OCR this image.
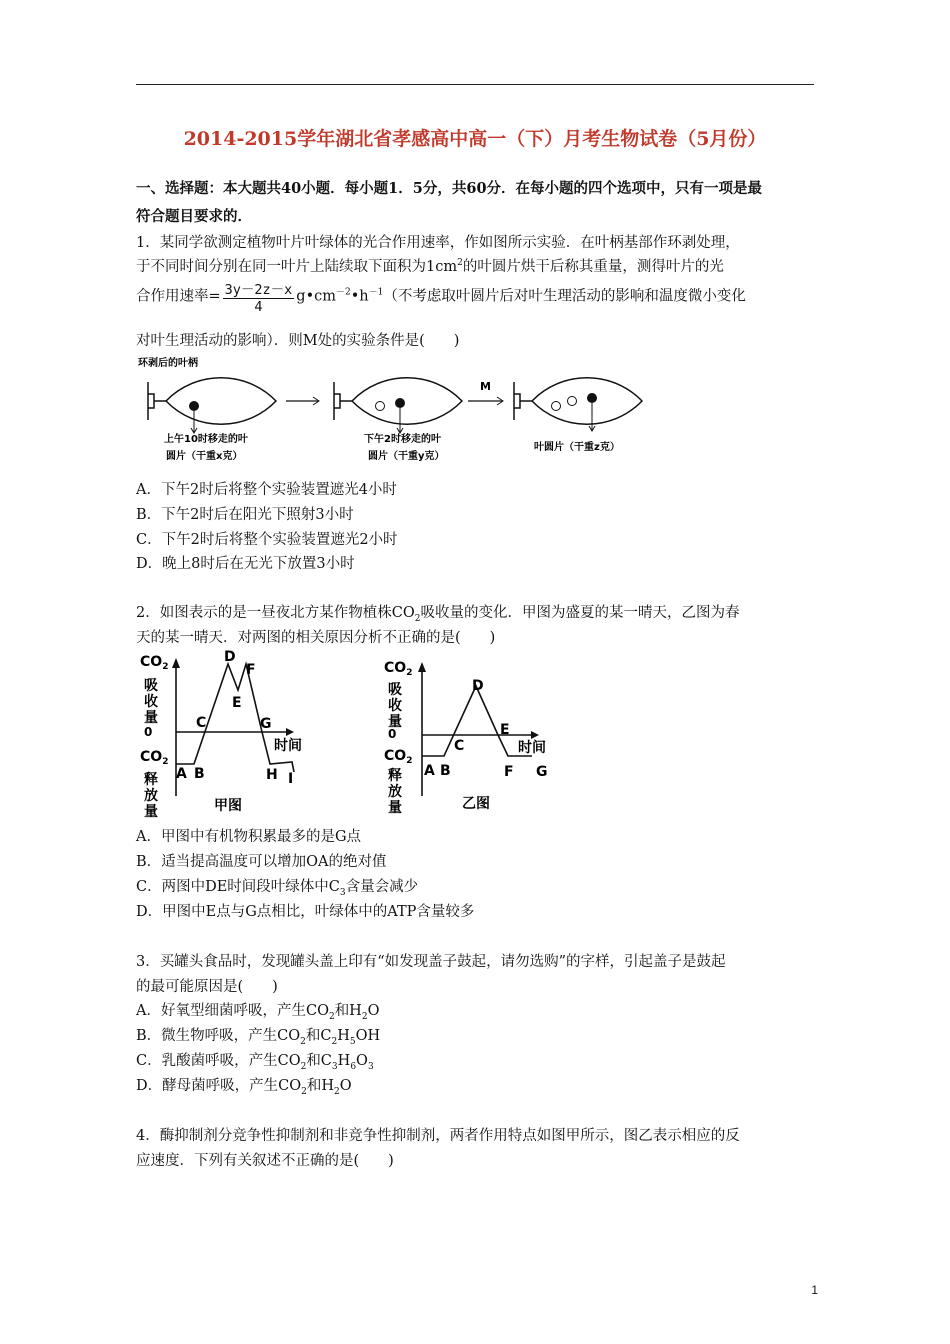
2014-2015学年湖北省孝感高中高一（下）月考生物试卷（5月份）
一、选择题：本大题共40小题．每小题1．5分，共60分．在每小题的四个选项中，只有一项是最
符合题目要求的．
1．某同学欲测定植物叶片叶绿体的光合作用速率，作如图所示实验．在叶柄基部作环剥处理，
于不同时间分别在同一叶片上陆续取下面积为$1cm^2$的叶圆片烘干后称其重量，测得叶片的光
合作用速率= $\frac{3y-2z-x}{4}$ $g•cm^{-2}•h^{-1}$（不考虑取叶圆片后对叶生理活动的影响和温度微小变化
对叶生理活动的影响）．则M处的实验条件是(　　)
环剥后的叶柄
上午10时移走的叶
圆片（干重x克）
下午2时移走的叶
圆片（干重y克）
M
叶圆片（干重z克）
A．下午2时后将整个实验装置遮光4小时
B．下午2时后在阳光下照射3小时
C．下午2时后将整个实验装置遮光2小时
D．晚上8时后在无光下放置3小时
2．如图表示的是一昼夜北方某作物植株$CO_2$吸收量的变化．甲图为盛夏的某一晴天，乙图为春
天的某一晴天．对两图的相关原因分析不正确的是(　　)
$CO_2$
吸
收
量
0
$CO_2$
释
放
量
A B
C
D
E
F
G
H I
时间
甲图
$CO_2$
吸
收
量
0
$CO_2$
释
放
量
A B
C
D
E
F G
时间
乙图
A．甲图中有机物积累最多的是G点
B．适当提高温度可以增加OA的绝对值
C．两图中DE时间段叶绿体中$C_3$含量会减少
D．甲图中E点与G点相比，叶绿体中的ATP含量较多
3．买罐头食品时，发现罐头盖上印有“如发现盖子鼓起，请勿选购”的字样，引起盖子是鼓起
的最可能原因是(　　)
A．好氧型细菌呼吸，产生$CO_2$和$H_2O$
B．微生物呼吸，产生$CO_2$和$C_2H_5OH$
C．乳酸菌呼吸，产生$CO_2$和$C_3H_6O_3$
D．酵母菌呼吸，产生$CO_2$和$H_2O$
4．酶抑制剂分竞争性抑制剂和非竞争性抑制剂，两者作用特点如图甲所示，图乙表示相应的反
应速度．下列有关叙述不正确的是(　　)
1
